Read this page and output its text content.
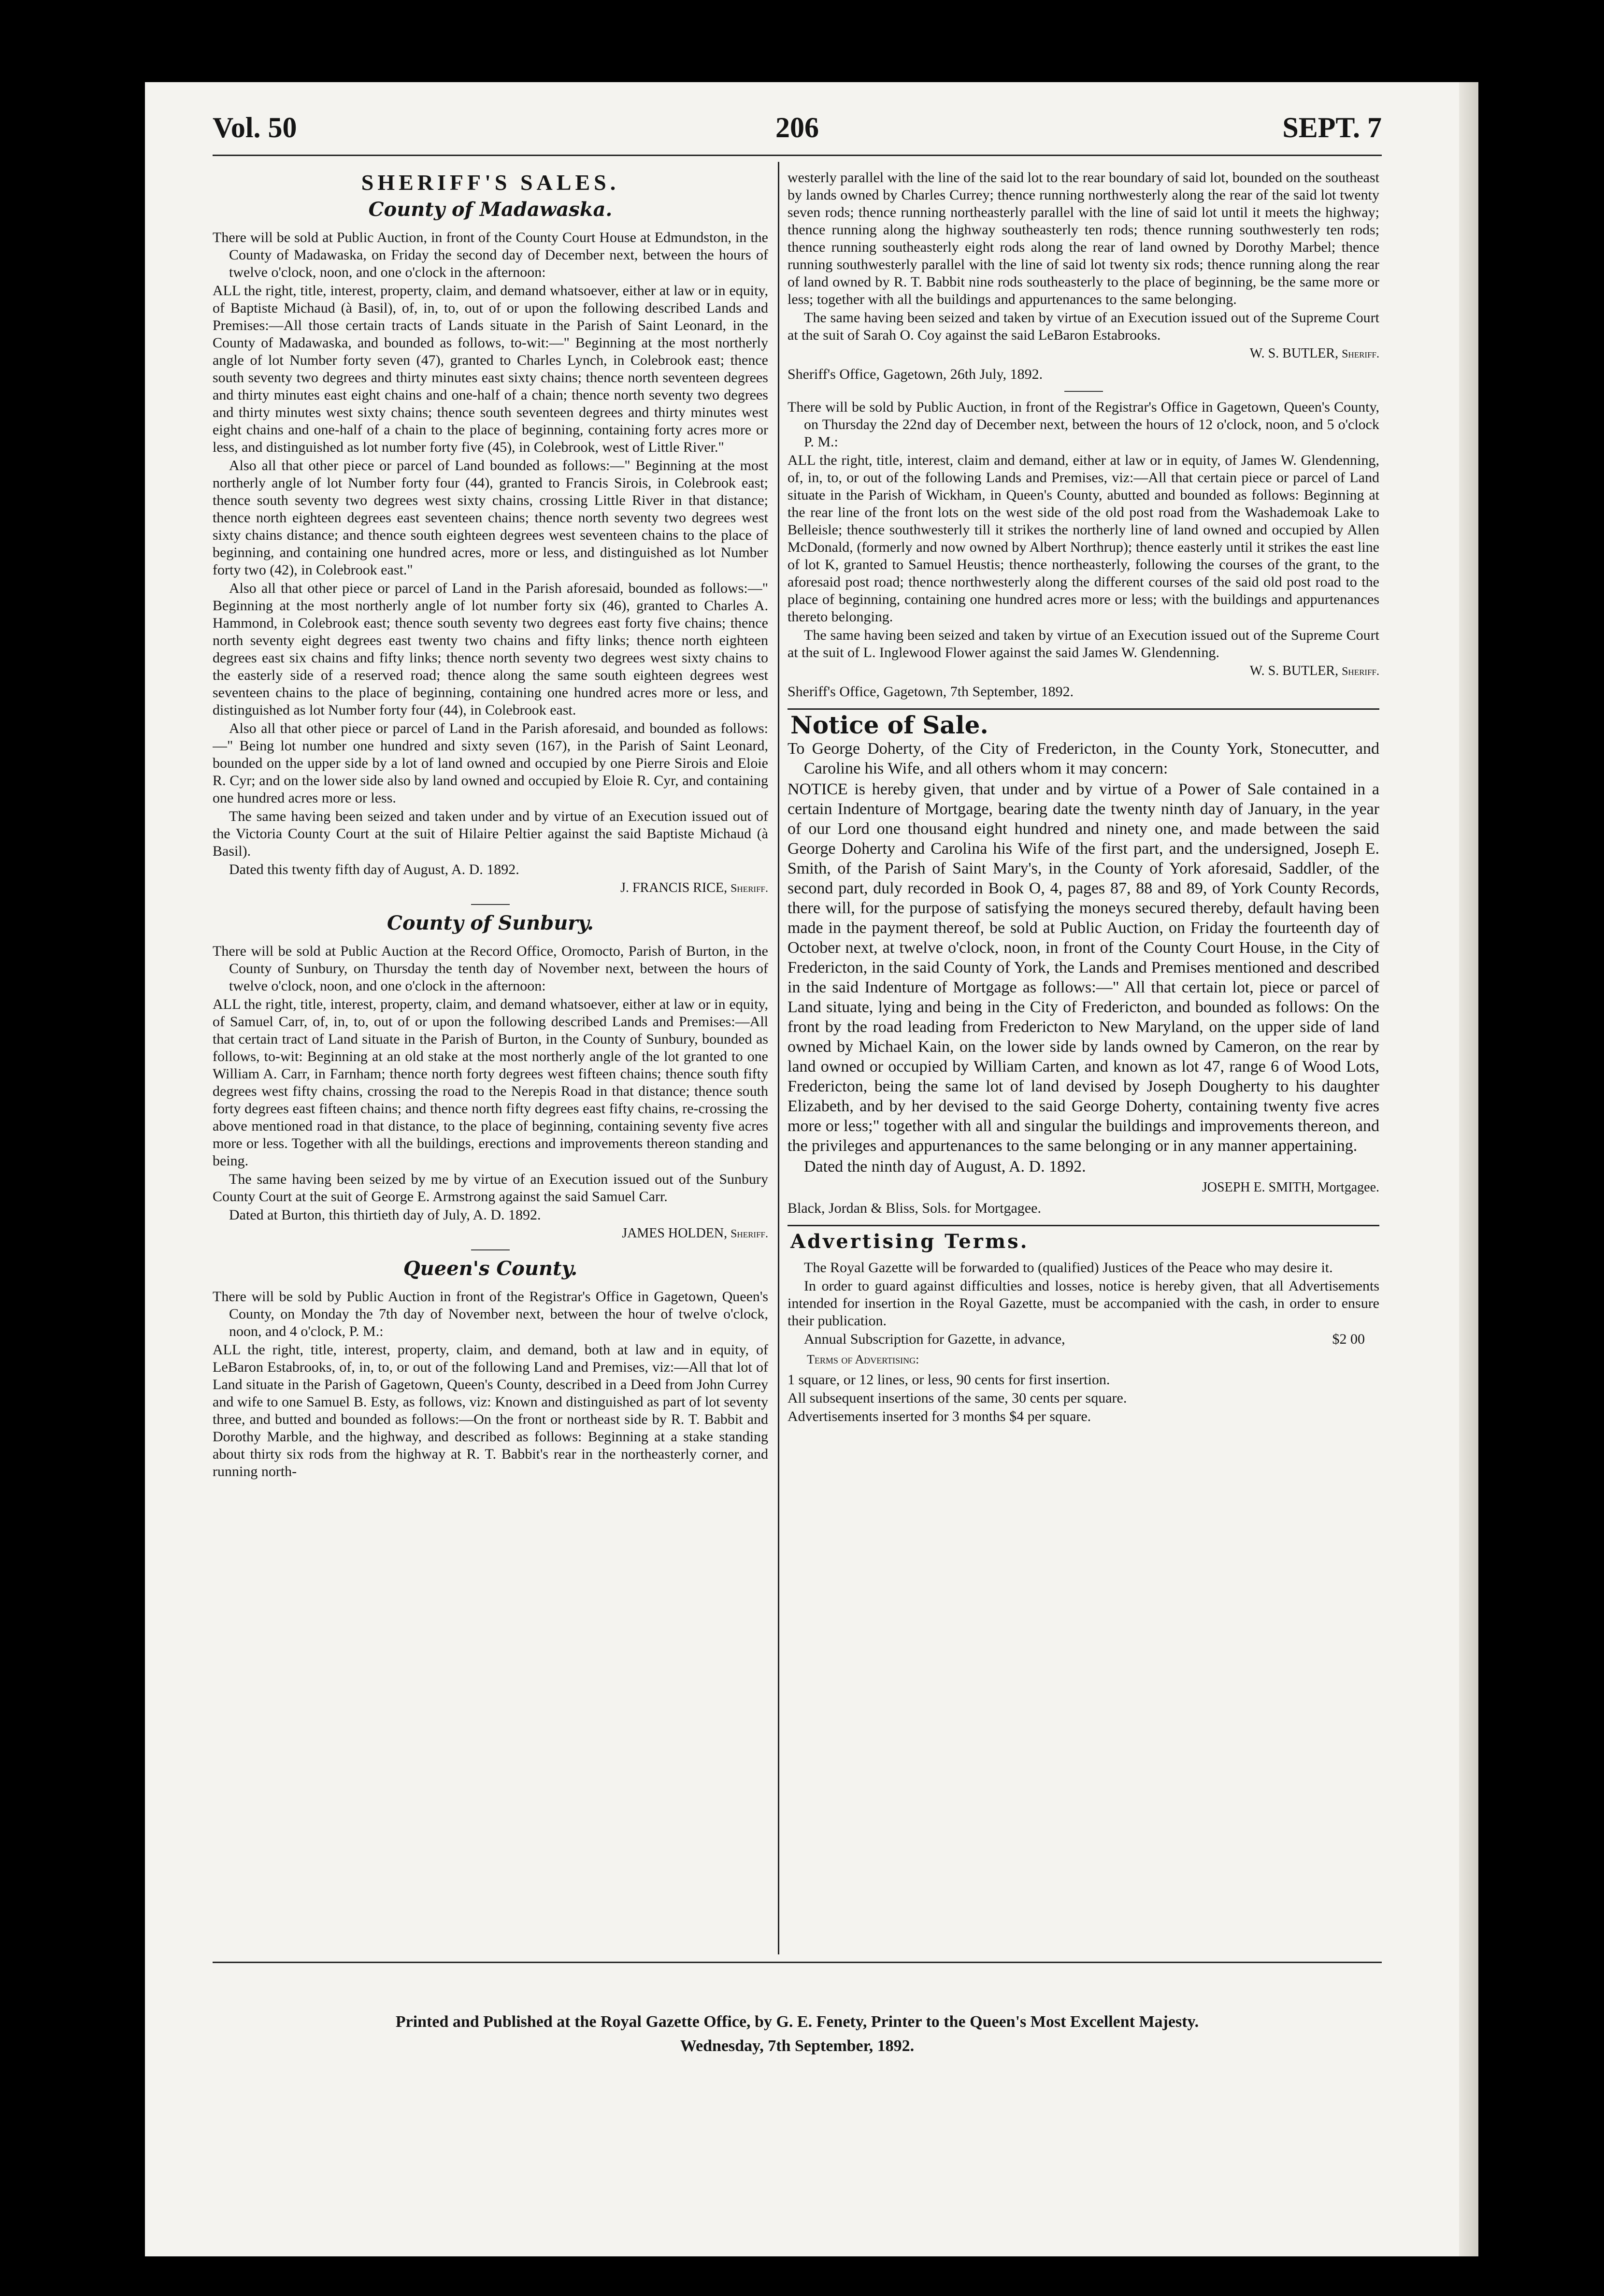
Vol. 50	206	SEPT. 7
SHERIFF'S SALES.
County of Madawaska.

There will be sold at Public Auction, in front of the County Court House at Edmundston, in the County of Madawaska, on Friday the second day of December next, between the hours of twelve o'clock, noon, and one o'clock in the afternoon:

ALL the right, title, interest, property, claim, and demand whatsoever, either at law or in equity, of Baptiste Michaud (à Basil), of, in, to, out of or upon the following described Lands and Premises:—All those certain tracts of Lands situate in the Parish of Saint Leonard, in the County of Madawaska, and bounded as follows, to-wit:—" Beginning at the most northerly angle of lot Number forty seven (47), granted to Charles Lynch, in Colebrook east; thence south seventy two degrees and thirty minutes east sixty chains; thence north seventeen degrees and thirty minutes east eight chains and one-half of a chain; thence north seventy two degrees and thirty minutes west sixty chains; thence south seventeen degrees and thirty minutes west eight chains and one-half of a chain to the place of beginning, containing forty acres more or less, and distinguished as lot number forty five (45), in Colebrook, west of Little River."

Also all that other piece or parcel of Land bounded as follows:—" Beginning at the most northerly angle of lot Number forty four (44), granted to Francis Sirois, in Colebrook east; thence south seventy two degrees west sixty chains, crossing Little River in that distance; thence north eighteen degrees east seventeen chains; thence north seventy two degrees west sixty chains distance; and thence south eighteen degrees west seventeen chains to the place of beginning, and containing one hundred acres, more or less, and distinguished as lot Number forty two (42), in Colebrook east."

Also all that other piece or parcel of Land in the Parish aforesaid, bounded as follows:—" Beginning at the most northerly angle of lot number forty six (46), granted to Charles A. Hammond, in Colebrook east; thence south seventy two degrees east forty five chains; thence north seventy eight degrees east twenty two chains and fifty links; thence north eighteen degrees east six chains and fifty links; thence north seventy two degrees west sixty chains to the easterly side of a reserved road; thence along the same south eighteen degrees west seventeen chains to the place of beginning, containing one hundred acres more or less, and distinguished as lot Number forty four (44), in Colebrook east.

Also all that other piece or parcel of Land in the Parish aforesaid, and bounded as follows:—" Being lot number one hundred and sixty seven (167), in the Parish of Saint Leonard, bounded on the upper side by a lot of land owned and occupied by one Pierre Sirois and Eloie R. Cyr; and on the lower side also by land owned and occupied by Eloie R. Cyr, and containing one hundred acres more or less.

The same having been seized and taken under and by virtue of an Execution issued out of the Victoria County Court at the suit of Hilaire Peltier against the said Baptiste Michaud (à Basil).

Dated this twenty fifth day of August, A. D. 1892.

J. FRANCIS RICE, Sheriff.

County of Sunbury.

There will be sold at Public Auction at the Record Office, Oromocto, Parish of Burton, in the County of Sunbury, on Thursday the tenth day of November next, between the hours of twelve o'clock, noon, and one o'clock in the afternoon:

ALL the right, title, interest, property, claim, and demand whatsoever, either at law or in equity, of Samuel Carr, of, in, to, out of or upon the following described Lands and Premises:—All that certain tract of Land situate in the Parish of Burton, in the County of Sunbury, bounded as follows, to-wit: Beginning at an old stake at the most northerly angle of the lot granted to one William A. Carr, in Farnham; thence north forty degrees west fifteen chains; thence south fifty degrees west fifty chains, crossing the road to the Nerepis Road in that distance; thence south forty degrees east fifteen chains; and thence north fifty degrees east fifty chains, re-crossing the above mentioned road in that distance, to the place of beginning, containing seventy five acres more or less. Together with all the buildings, erections and improvements thereon standing and being.

The same having been seized by me by virtue of an Execution issued out of the Sunbury County Court at the suit of George E. Armstrong against the said Samuel Carr.

Dated at Burton, this thirtieth day of July, A. D. 1892.

JAMES HOLDEN, Sheriff.

Queen's County.

There will be sold by Public Auction in front of the Registrar's Office in Gagetown, Queen's County, on Monday the 7th day of November next, between the hour of twelve o'clock, noon, and 4 o'clock, P. M.:

ALL the right, title, interest, property, claim, and demand, both at law and in equity, of LeBaron Estabrooks, of, in, to, or out of the following Land and Premises, viz:—All that lot of Land situate in the Parish of Gagetown, Queen's County, described in a Deed from John Currey and wife to one Samuel B. Esty, as follows, viz: Known and distinguished as part of lot seventy three, and butted and bounded as follows:—On the front or northeast side by R. T. Babbit and Dorothy Marble, and the highway, and described as follows: Beginning at a stake standing about thirty six rods from the highway at R. T. Babbit's rear in the northeasterly corner, and running north-

westerly parallel with the line of the said lot to the rear boundary of said lot, bounded on the southeast by lands owned by Charles Currey; thence running northwesterly along the rear of the said lot twenty seven rods; thence running northeasterly parallel with the line of said lot until it meets the highway; thence running along the highway southeasterly ten rods; thence running southwesterly ten rods; thence running southeasterly eight rods along the rear of land owned by Dorothy Marbel; thence running southwesterly parallel with the line of said lot twenty six rods; thence running along the rear of land owned by R. T. Babbit nine rods southeasterly to the place of beginning, be the same more or less; together with all the buildings and appurtenances to the same belonging.

The same having been seized and taken by virtue of an Execution issued out of the Supreme Court at the suit of Sarah O. Coy against the said LeBaron Estabrooks.

W. S. BUTLER, Sheriff.

Sheriff's Office, Gagetown, 26th July, 1892.

There will be sold by Public Auction, in front of the Registrar's Office in Gagetown, Queen's County, on Thursday the 22nd day of December next, between the hours of 12 o'clock, noon, and 5 o'clock P. M.:

ALL the right, title, interest, claim and demand, either at law or in equity, of James W. Glendenning, of, in, to, or out of the following Lands and Premises, viz:—All that certain piece or parcel of Land situate in the Parish of Wickham, in Queen's County, abutted and bounded as follows: Beginning at the rear line of the front lots on the west side of the old post road from the Washademoak Lake to Belleisle; thence southwesterly till it strikes the northerly line of land owned and occupied by Allen McDonald, (formerly and now owned by Albert Northrup); thence easterly until it strikes the east line of lot K, granted to Samuel Heustis; thence northeasterly, following the courses of the grant, to the aforesaid post road; thence northwesterly along the different courses of the said old post road to the place of beginning, containing one hundred acres more or less; with the buildings and appurtenances thereto belonging.

The same having been seized and taken by virtue of an Execution issued out of the Supreme Court at the suit of L. Inglewood Flower against the said James W. Glendenning.

W. S. BUTLER, Sheriff.

Sheriff's Office, Gagetown, 7th September, 1892.

Notice of Sale.

To George Doherty, of the City of Fredericton, in the County York, Stonecutter, and Caroline his Wife, and all others whom it may concern:

NOTICE is hereby given, that under and by virtue of a Power of Sale contained in a certain Indenture of Mortgage, bearing date the twenty ninth day of January, in the year of our Lord one thousand eight hundred and ninety one, and made between the said George Doherty and Carolina his Wife of the first part, and the undersigned, Joseph E. Smith, of the Parish of Saint Mary's, in the County of York aforesaid, Saddler, of the second part, duly recorded in Book O, 4, pages 87, 88 and 89, of York County Records, there will, for the purpose of satisfying the moneys secured thereby, default having been made in the payment thereof, be sold at Public Auction, on Friday the fourteenth day of October next, at twelve o'clock, noon, in front of the County Court House, in the City of Fredericton, in the said County of York, the Lands and Premises mentioned and described in the said Indenture of Mortgage as follows:—" All that certain lot, piece or parcel of Land situate, lying and being in the City of Fredericton, and bounded as follows: On the front by the road leading from Fredericton to New Maryland, on the upper side of land owned by Michael Kain, on the lower side by lands owned by Cameron, on the rear by land owned or occupied by William Carten, and known as lot 47, range 6 of Wood Lots, Fredericton, being the same lot of land devised by Joseph Dougherty to his daughter Elizabeth, and by her devised to the said George Doherty, containing twenty five acres more or less;" together with all and singular the buildings and improvements thereon, and the privileges and appurtenances to the same belonging or in any manner appertaining.

Dated the ninth day of August, A. D. 1892.

JOSEPH E. SMITH, Mortgagee.

Black, Jordan & Bliss, Sols. for Mortgagee.

Advertising Terms.

The Royal Gazette will be forwarded to (qualified) Justices of the Peace who may desire it.

In order to guard against difficulties and losses, notice is hereby given, that all Advertisements intended for insertion in the Royal Gazette, must be accompanied with the cash, in order to ensure their publication.

Annual Subscription for Gazette, in advance,	$2 00

Terms of Advertising:

1 square, or 12 lines, or less, 90 cents for first insertion.

All subsequent insertions of the same, 30 cents per square.

Advertisements inserted for 3 months $4 per square.

Printed and Published at the Royal Gazette Office, by G. E. Fenety, Printer to the Queen's Most Excellent Majesty.
Wednesday, 7th September, 1892.
